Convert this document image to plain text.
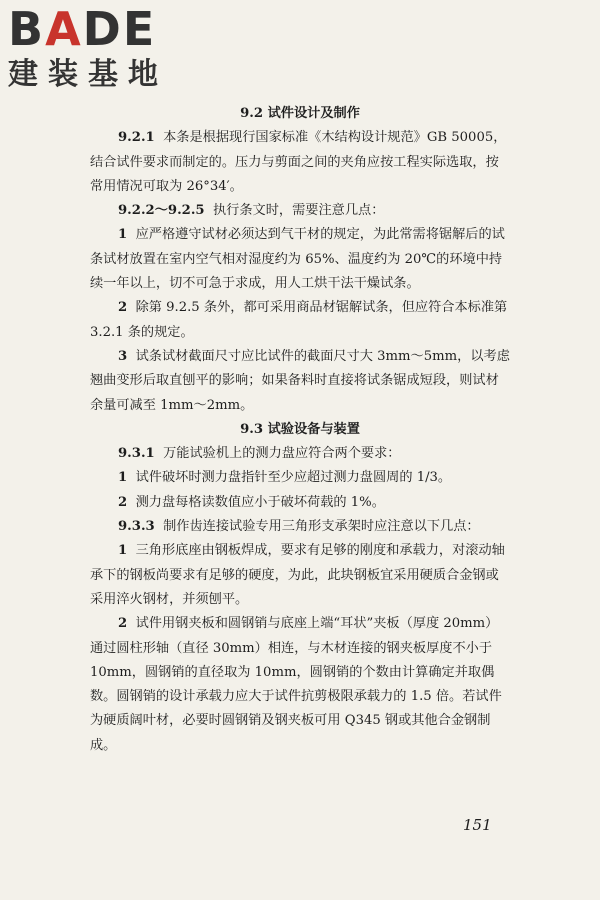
BADE
建装基地

9.2 试件设计及制作

9.2.1 本条是根据现行国家标准《木结构设计规范》GB 50005，结合试件要求而制定的。压力与剪面之间的夹角应按工程实际选取，按常用情况可取为 26°34′。

9.2.2～9.2.5 执行条文时，需要注意几点：

1 应严格遵守试材必须达到气干材的规定，为此常需将锯解后的试条试材放置在室内空气相对湿度约为 65%、温度约为 20℃的环境中持续一年以上，切不可急于求成，用人工烘干法干燥试条。

2 除第 9.2.5 条外，都可采用商品材锯解试条，但应符合本标准第 3.2.1 条的规定。

3 试条试材截面尺寸应比试件的截面尺寸大 3mm～5mm，以考虑翘曲变形后取直刨平的影响；如果备料时直接将试条锯成短段，则试材余量可减至 1mm～2mm。

9.3 试验设备与装置

9.3.1 万能试验机上的测力盘应符合两个要求：

1 试件破坏时测力盘指针至少应超过测力盘圆周的 1/3。

2 测力盘每格读数值应小于破坏荷载的 1%。

9.3.3 制作齿连接试验专用三角形支承架时应注意以下几点：

1 三角形底座由钢板焊成，要求有足够的刚度和承载力，对滚动轴承下的钢板尚要求有足够的硬度，为此，此块钢板宜采用硬质合金钢或采用淬火钢材，并须刨平。

2 试件用钢夹板和圆钢销与底座上端“耳状”夹板（厚度 20mm）通过圆柱形轴（直径 30mm）相连，与木材连接的钢夹板厚度不小于 10mm，圆钢销的直径取为 10mm，圆钢销的个数由计算确定并取偶数。圆钢销的设计承载力应大于试件抗剪极限承载力的 1.5 倍。若试件为硬质阔叶材，必要时圆钢销及钢夹板可用 Q345 钢或其他合金钢制成。

151
